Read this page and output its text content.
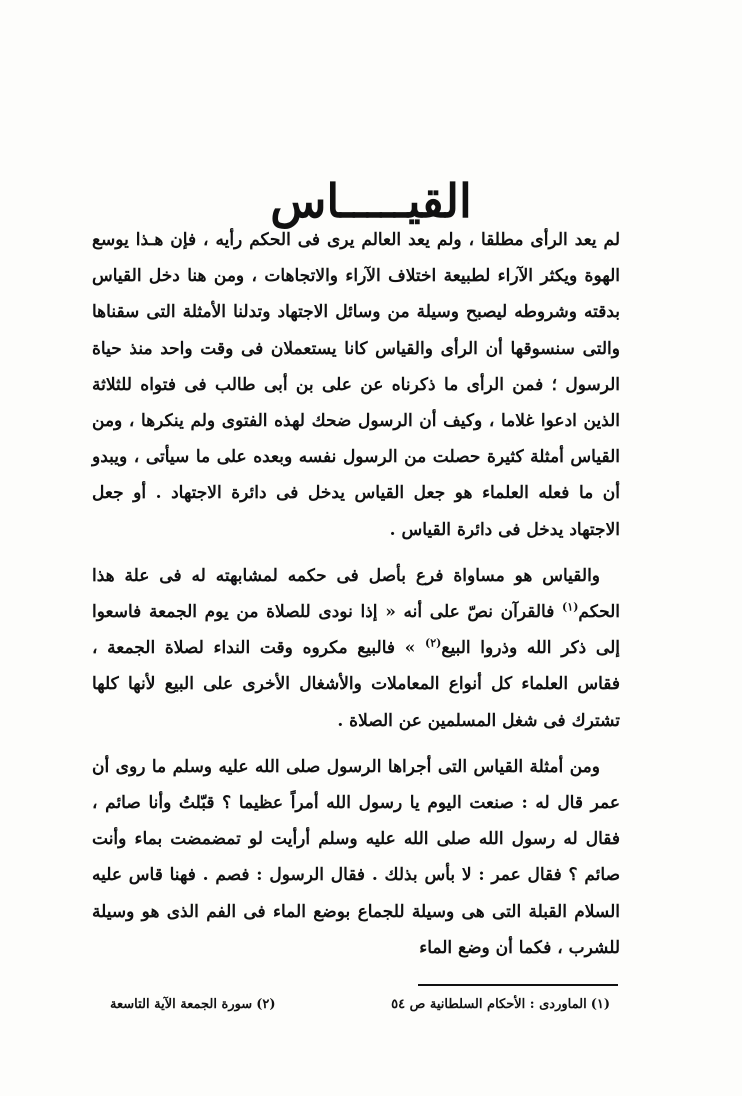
القيـــــاس

لم يعد الرأى مطلقا ، ولم يعد العالم يرى فى الحكم رأيه ، فإن هـذا يوسع الهوة ويكثر الآراء لطبيعة اختلاف الآراء والاتجاهات ، ومن هنا دخل القياس بدقته وشروطه ليصبح وسيلة من وسائل الاجتهاد وتدلنا الأمثلة التى سقناها والتى سنسوقها أن الرأى والقياس كانا يستعملان فى وقت واحد منذ حياة الرسول ؛ فمن الرأى ما ذكرناه عن على بن أبى طالب فى فتواه للثلاثة الذين ادعوا غلاما ، وكيف أن الرسول ضحك لهذه الفتوى ولم ينكرها ، ومن القياس أمثلة كثيرة حصلت من الرسول نفسه وبعده على ما سيأتى ، ويبدو أن ما فعله العلماء هو جعل القياس يدخل فى دائرة الاجتهاد . أو جعل الاجتهاد يدخل فى دائرة القياس .

والقياس هو مساواة فرع بأصل فى حكمه لمشابهته له فى علة هذا الحكم$^{(١)}$ فالقرآن نصّ على أنه « إذا نودى للصلاة من يوم الجمعة فاسعوا إلى ذكر الله وذروا البيع$^{(٢)}$ » فالبيع مكروه وقت النداء لصلاة الجمعة ، فقاس العلماء كل أنواع المعاملات والأشغال الأخرى على البيع لأنها كلها تشترك فى شغل المسلمين عن الصلاة .

ومن أمثلة القياس التى أجراها الرسول صلى الله عليه وسلم ما روى أن عمر قال له : صنعت اليوم يا رسول الله أمراً عظيما ؟ قبّلتُ وأنا صائم ، فقال له رسول الله صلى الله عليه وسلم أرأيت لو تمضمضت بماء وأنت صائم ؟ فقال عمر : لا بأس بذلك . فقال الرسول : فصم . فهنا قاس عليه السلام القبلة التى هى وسيلة للجماع بوضع الماء فى الفم الذى هو وسيلة للشرب ، فكما أن وضع الماء

(١)الماوردى : الأحكام السلطانية ص ٥٤
(٢)سورة الجمعة الآية التاسعة
